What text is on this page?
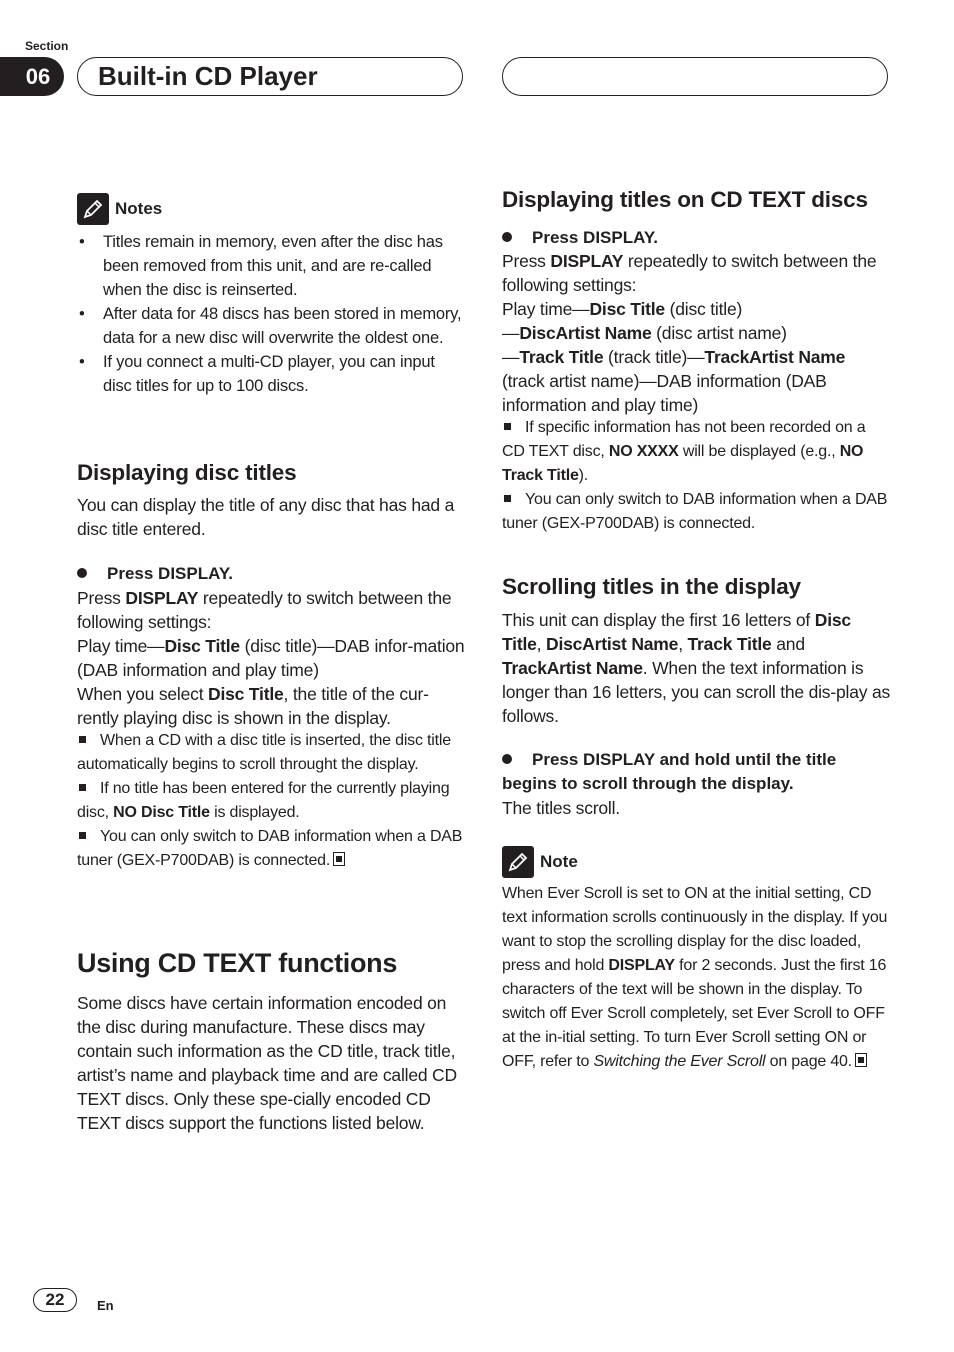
Section
06	Built-in CD Player
Notes
• Titles remain in memory, even after the disc has been removed from this unit, and are re-called when the disc is reinserted.
• After data for 48 discs has been stored in memory, data for a new disc will overwrite the oldest one.
• If you connect a multi-CD player, you can input disc titles for up to 100 discs.
Displaying disc titles

You can display the title of any disc that has had a disc title entered.

Press DISPLAY.

Press DISPLAY repeatedly to switch between the following settings:

Play time—Disc Title (disc title)—DAB infor-mation (DAB information and play time)

When you select Disc Title, the title of the cur-rently playing disc is shown in the display.

When a CD with a disc title is inserted, the disc title automatically begins to scroll throught the display.

If no title has been entered for the currently playing disc, NO Disc Title is displayed.

You can only switch to DAB information when a DAB tuner (GEX-P700DAB) is connected.

Using CD TEXT functions

Some discs have certain information encoded on the disc during manufacture. These discs may contain such information as the CD title, track title, artist’s name and playback time and are called CD TEXT discs. Only these spe-cially encoded CD TEXT discs support the functions listed below.

Displaying titles on CD TEXT discs
Press DISPLAY.

Press DISPLAY repeatedly to switch between the following settings:

Play time—Disc Title (disc title)

—DiscArtist Name (disc artist name)

—Track Title (track title)—TrackArtist Name (track artist name)—DAB information (DAB information and play time)

If specific information has not been recorded on a CD TEXT disc, NO XXXX will be displayed (e.g., NO Track Title).

You can only switch to DAB information when a DAB tuner (GEX-P700DAB) is connected.

Scrolling titles in the display

This unit can display the first 16 letters of Disc Title, DiscArtist Name, Track Title and TrackArtist Name. When the text information is longer than 16 letters, you can scroll the dis-play as follows.

Press DISPLAY and hold until the title begins to scroll through the display.

The titles scroll.

Note

When Ever Scroll is set to ON at the initial setting, CD text information scrolls continuously in the display. If you want to stop the scrolling display for the disc loaded, press and hold DISPLAY for 2 seconds. Just the first 16 characters of the text will be shown in the display. To switch off Ever Scroll completely, set Ever Scroll to OFF at the in-itial setting. To turn Ever Scroll setting ON or OFF, refer to Switching the Ever Scroll on page 40.

22	En
